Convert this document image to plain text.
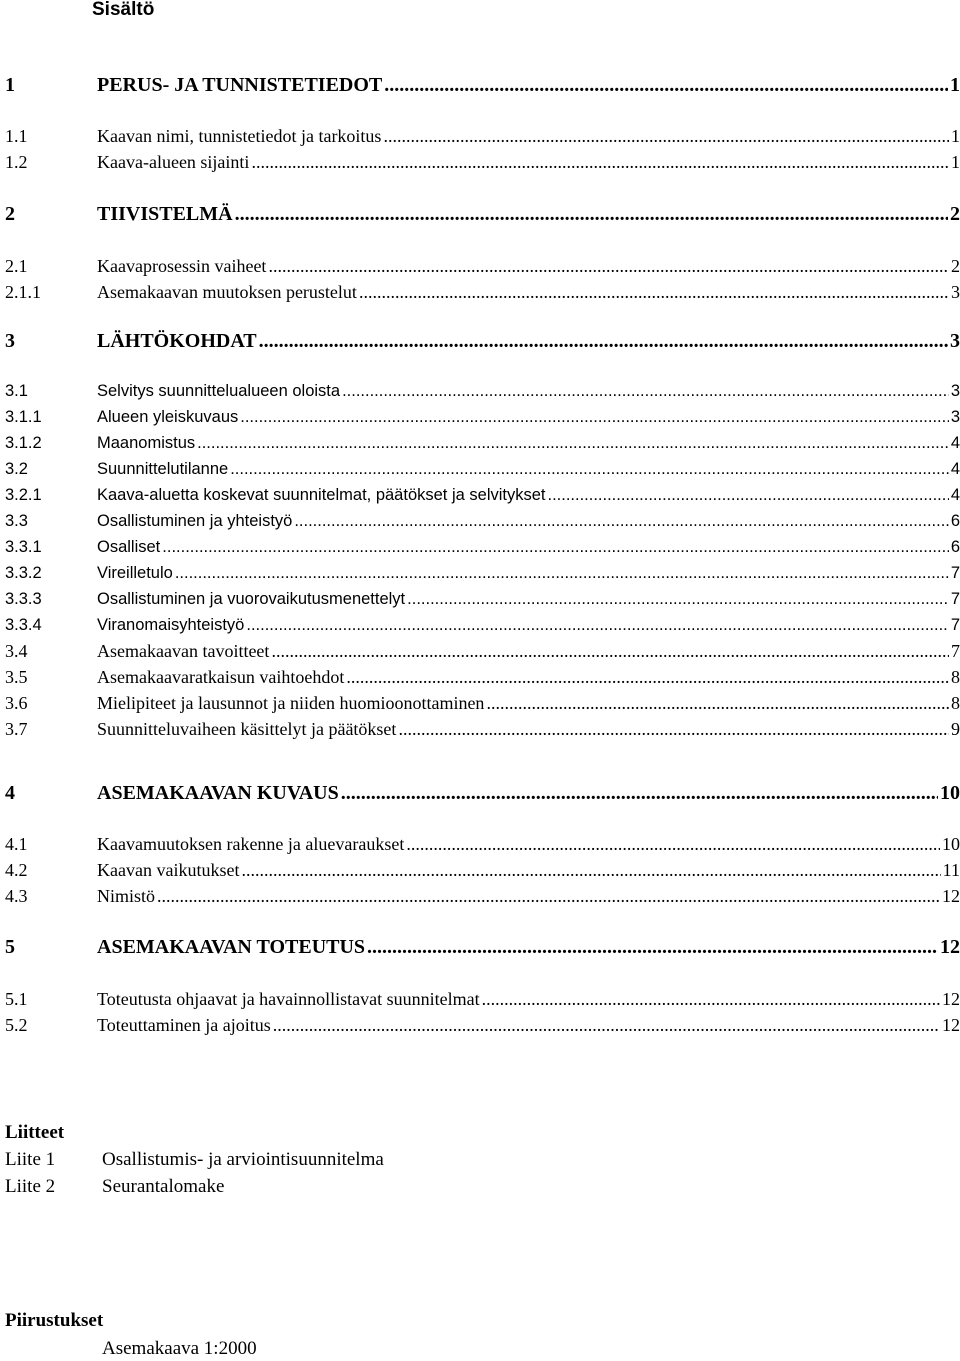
Sisältö
1	PERUS- JA TUNNISTETIEDOT .....	1
1.1	Kaavan nimi, tunnistetiedot ja tarkoitus .....	1
1.2	Kaava-alueen sijainti .....	1
2	TIIVISTELMÄ .....	2
2.1	Kaavaprosessin vaiheet .....	2
2.1.1	Asemakaavan muutoksen perustelut .....	3
3	LÄHTÖKOHDAT .....	3
3.1	Selvitys suunnittelualueen oloista .....	3
3.1.1	Alueen yleiskuvaus .....	3
3.1.2	Maanomistus .....	4
3.2	Suunnittelutilanne .....	4
3.2.1	Kaava-aluetta koskevat suunnitelmat, päätökset ja selvitykset .....	4
3.3	Osallistuminen ja yhteistyö .....	6
3.3.1	Osalliset .....	6
3.3.2	Vireilletulo .....	7
3.3.3	Osallistuminen ja vuorovaikutusmenettelyt .....	7
3.3.4	Viranomaisyhteistyö .....	7
3.4	Asemakaavan tavoitteet .....	7
3.5	Asemakaavaratkaisun vaihtoehdot .....	8
3.6	Mielipiteet ja lausunnot ja niiden huomioonottaminen .....	8
3.7	Suunnitteluvaiheen käsittelyt ja päätökset .....	9
4	ASEMAKAAVAN KUVAUS .....	10
4.1	Kaavamuutoksen rakenne ja aluevaraukset .....	10
4.2	Kaavan vaikutukset .....	11
4.3	Nimistö .....	12
5	ASEMAKAAVAN TOTEUTUS .....	12
5.1	Toteutusta ohjaavat ja havainnollistavat suunnitelmat .....	12
5.2	Toteuttaminen ja ajoitus .....	12
Liitteet
Liite 1 Osallistumis- ja arviointisuunnitelma
Liite 2 Seurantalomake
Piirustukset
Asemakaava 1:2000
